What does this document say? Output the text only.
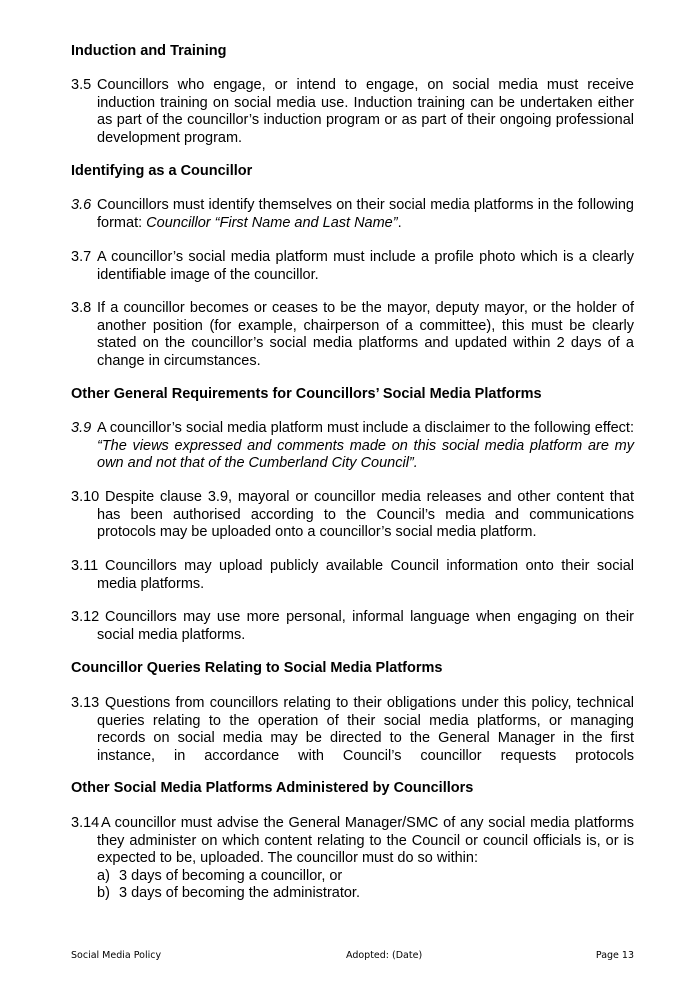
Induction and Training
3.5 Councillors who engage, or intend to engage, on social media must receive induction training on social media use. Induction training can be undertaken either as part of the councillor’s induction program or as part of their ongoing professional development program.
Identifying as a Councillor
3.6 Councillors must identify themselves on their social media platforms in the following format: Councillor “First Name and Last Name”.
3.7 A councillor’s social media platform must include a profile photo which is a clearly identifiable image of the councillor.
3.8 If a councillor becomes or ceases to be the mayor, deputy mayor, or the holder of another position (for example, chairperson of a committee), this must be clearly stated on the councillor’s social media platforms and updated within 2 days of a change in circumstances.
Other General Requirements for Councillors’ Social Media Platforms
3.9 A councillor’s social media platform must include a disclaimer to the following effect: “The views expressed and comments made on this social media platform are my own and not that of the Cumberland City Council”.
3.10 Despite clause 3.9, mayoral or councillor media releases and other content that has been authorised according to the Council’s media and communications protocols may be uploaded onto a councillor’s social media platform.
3.11 Councillors may upload publicly available Council information onto their social media platforms.
3.12 Councillors may use more personal, informal language when engaging on their social media platforms.
Councillor Queries Relating to Social Media Platforms
3.13 Questions from councillors relating to their obligations under this policy, technical queries relating to the operation of their social media platforms, or managing records on social media may be directed to the General Manager in the first instance, in accordance with Council’s councillor requests protocols
Other Social Media Platforms Administered by Councillors
3.14 A councillor must advise the General Manager/SMC of any social media platforms they administer on which content relating to the Council or council officials is, or is expected to be, uploaded. The councillor must do so within:
a) 3 days of becoming a councillor, or
b) 3 days of becoming the administrator.
Social Media Policy	Adopted: (Date)	Page 13
